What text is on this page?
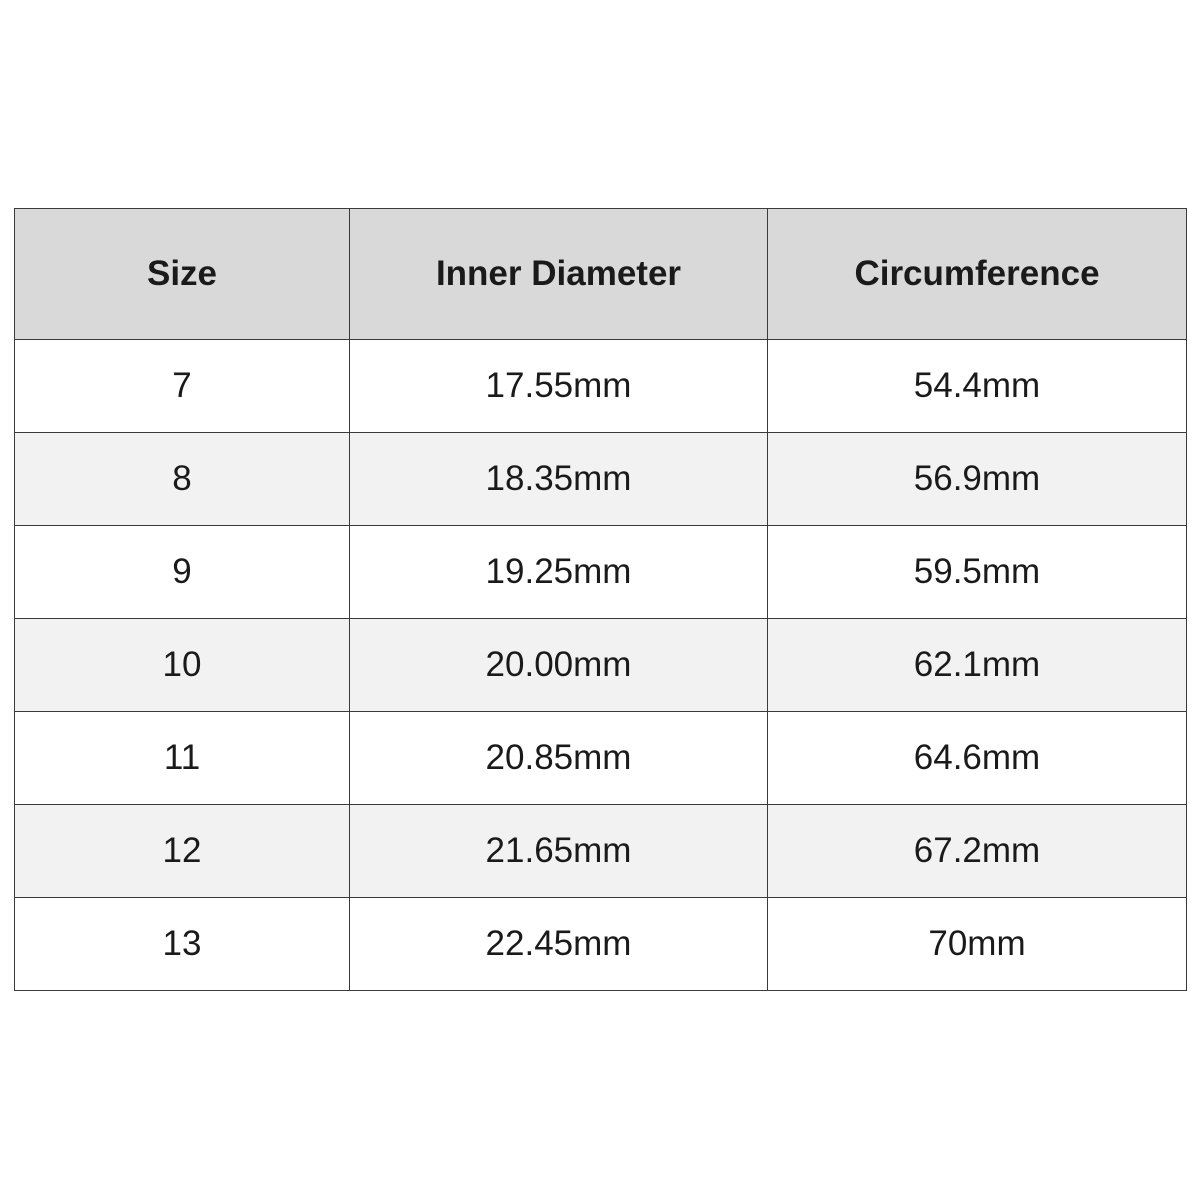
Size	Inner Diameter	Circumference
7	17.55mm	54.4mm
8	18.35mm	56.9mm
9	19.25mm	59.5mm
10	20.00mm	62.1mm
11	20.85mm	64.6mm
12	21.65mm	67.2mm
13	22.45mm	70mm
